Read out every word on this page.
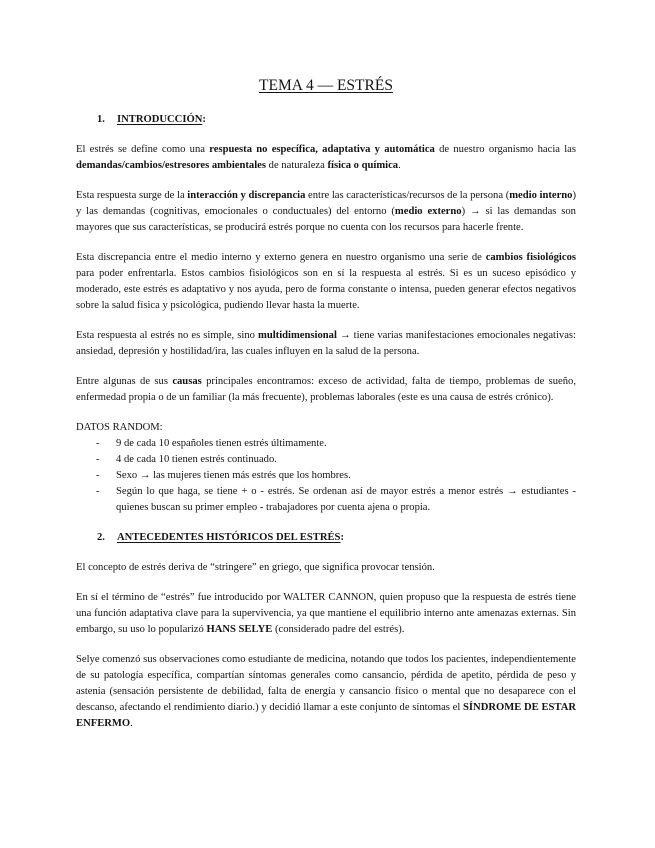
TEMA 4 — ESTRÉS
1. INTRODUCCIÓN:

El estrés se define como una respuesta no específica, adaptativa y automática de nuestro organismo hacia las demandas/cambios/estresores ambientales de naturaleza física o química.

Esta respuesta surge de la interacción y discrepancia entre las características/recursos de la persona (medio interno) y las demandas (cognitivas, emocionales o conductuales) del entorno (medio externo) → si las demandas son mayores que sus características, se producirá estrés porque no cuenta con los recursos para hacerle frente.

Esta discrepancia entre el medio interno y externo genera en nuestro organismo una serie de cambios fisiológicos para poder enfrentarla. Estos cambios fisiológicos son en sí la respuesta al estrés. Si es un suceso episódico y moderado, este estrés es adaptativo y nos ayuda, pero de forma constante o intensa, pueden generar efectos negativos sobre la salud física y psicológica, pudiendo llevar hasta la muerte.

Esta respuesta al estrés no es simple, sino multidimensional → tiene varias manifestaciones emocionales negativas: ansiedad, depresión y hostilidad/ira, las cuales influyen en la salud de la persona.

Entre algunas de sus causas principales encontramos: exceso de actividad, falta de tiempo, problemas de sueño, enfermedad propia o de un familiar (la más frecuente), problemas laborales (este es una causa de estrés crónico).

DATOS RANDOM:
- 9 de cada 10 españoles tienen estrés últimamente.
- 4 de cada 10 tienen estrés continuado.
- Sexo → las mujeres tienen más estrés que los hombres.
- Según lo que haga, se tiene + o - estrés. Se ordenan así de mayor estrés a menor estrés → estudiantes - quienes buscan su primer empleo - trabajadores por cuenta ajena o propia.
2. ANTECEDENTES HISTÓRICOS DEL ESTRÉS:

El concepto de estrés deriva de “stringere” en griego, que significa provocar tensión.

En sí el término de “estrés” fue introducido por WALTER CANNON, quien propuso que la respuesta de estrés tiene una función adaptativa clave para la supervivencia, ya que mantiene el equilibrio interno ante amenazas externas. Sin embargo, su uso lo popularizó HANS SELYE (considerado padre del estrés).

Selye comenzó sus observaciones como estudiante de medicina, notando que todos los pacientes, independientemente de su patología específica, compartían síntomas generales como cansancio, pérdida de apetito, pérdida de peso y astenia (sensación persistente de debilidad, falta de energía y cansancio físico o mental que no desaparece con el descanso, afectando el rendimiento diario.) y decidió llamar a este conjunto de síntomas el SÍNDROME DE ESTAR ENFERMO.
